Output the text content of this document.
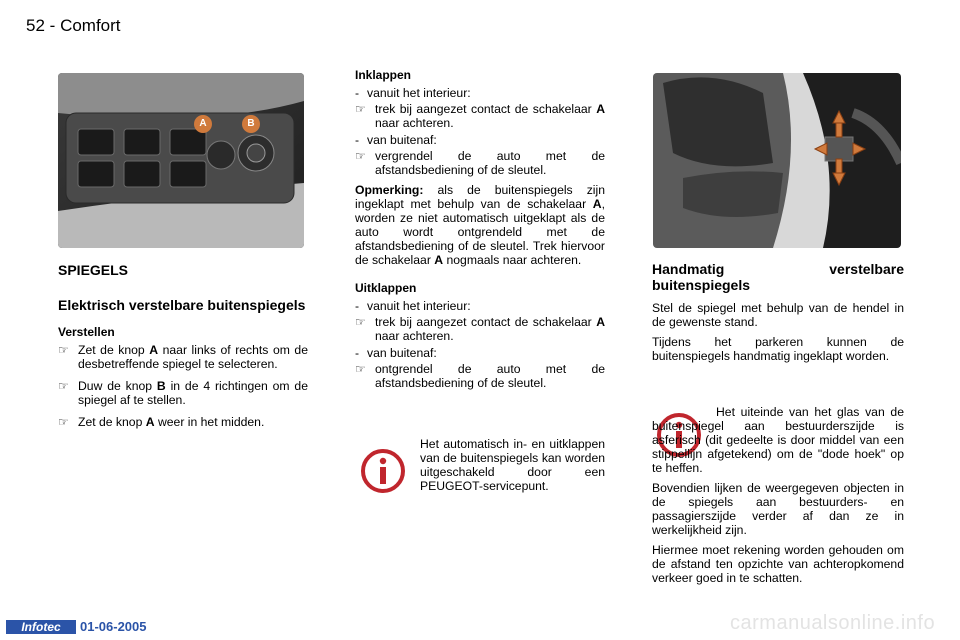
52 - Comfort
A	B
SPIEGELS
Elektrisch verstelbare buitenspiegels
Verstellen
☞ Zet de knop A naar links of rechts om de desbetreffende spiegel te selecteren.
☞ Duw de knop B in de 4 richtingen om de spiegel af te stellen.
☞ Zet de knop A weer in het midden.
Inklappen
- vanuit het interieur:
☞ trek bij aangezet contact de schakelaar A naar achteren.
- van buitenaf:
☞ vergrendel de auto met de afstandsbediening of de sleutel.

Opmerking: als de buitenspiegels zijn ingeklapt met behulp van de schakelaar A, worden ze niet automatisch uitgeklapt als de auto wordt ontgrendeld met de afstandsbediening of de sleutel. Trek hiervoor de schakelaar A nogmaals naar achteren.

Uitklappen
- vanuit het interieur:
☞ trek bij aangezet contact de schakelaar A naar achteren.
- van buitenaf:
☞ ontgrendel de auto met de afstandsbediening of de sleutel.
Het automatisch in- en uitklappen van de buitenspiegels kan worden uitgeschakeld door een PEUGEOT-servicepunt.
Handmatig verstelbare buitenspiegels

Stel de spiegel met behulp van de hendel in de gewenste stand.

Tijdens het parkeren kunnen de buitenspiegels handmatig ingeklapt worden.

Het uiteinde van het glas van de buitenspiegel aan bestuurderszijde is asferisch (dit gedeelte is door middel van een stippellijn afgetekend) om de "dode hoek" op te heffen.

Bovendien lijken de weergegeven objecten in de spiegels aan bestuurders- en passagierszijde verder af dan ze in werkelijkheid zijn.

Hiermee moet rekening worden gehouden om de afstand ten opzichte van achteropkomend verkeer goed in te schatten.

Infotec	01-06-2005	carmanualsonline.info
